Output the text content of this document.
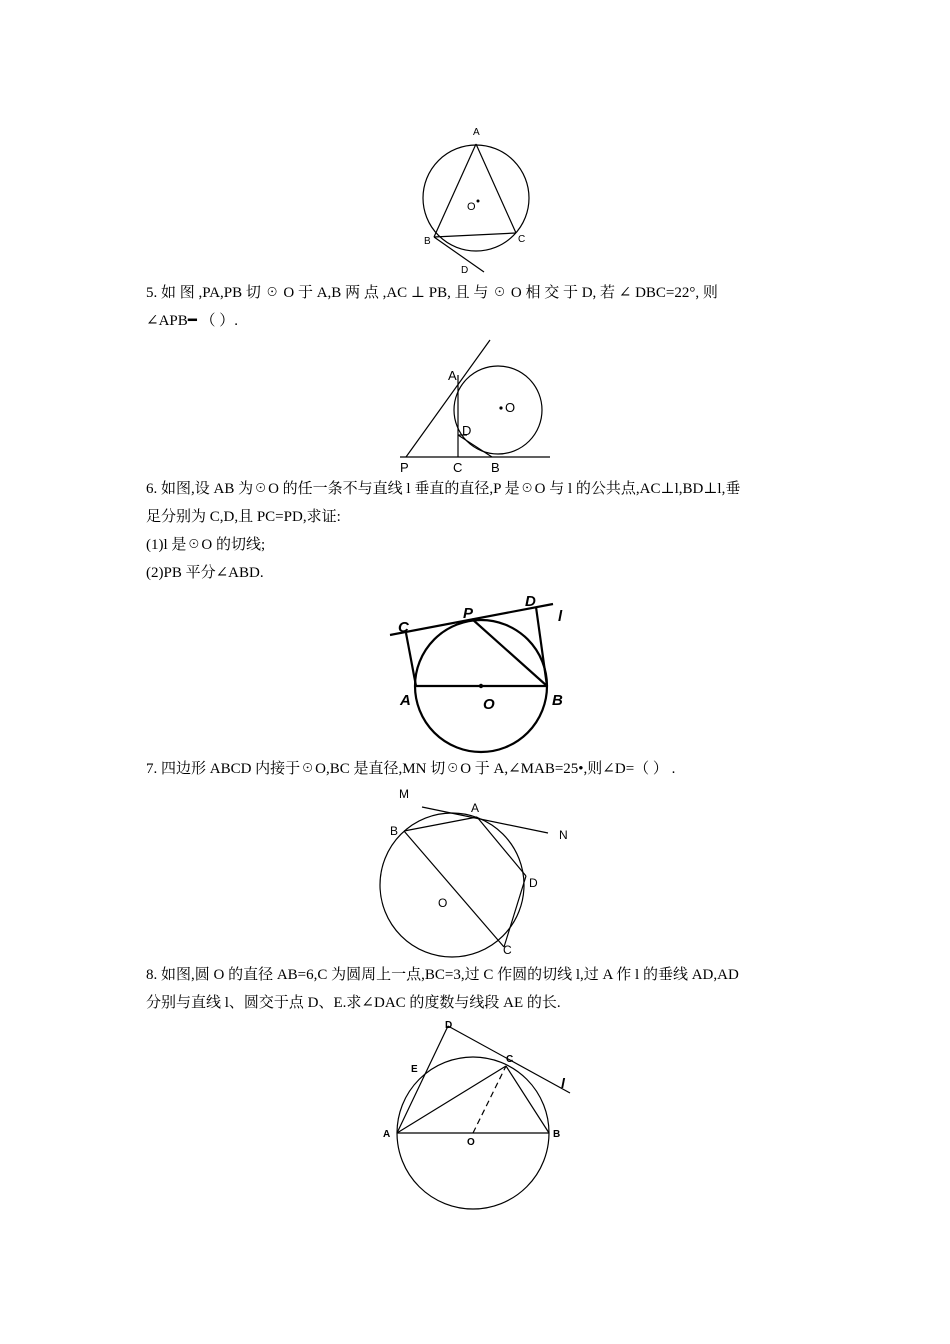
A
O
B	C
D
5. 如 图 ,PA,PB 切 ☉ O 于 A,B 两 点 ,AC ⊥ PB, 且 与 ☉ O 相 交 于 D, 若 ∠ DBC=22°, 则
∠APB━ （ ）.
A
O
D
P	C B
6. 如图,设 AB 为☉O 的任一条不与直线 l 垂直的直径,P 是☉O 与 l 的公共点,AC⊥l,BD⊥l,垂
足分别为 C,D,且 PC=PD,求证:
(1)l 是☉O 的切线;
(2)PB 平分∠ABD.
C
P
D
l
A	O	B
7. 四边形 ABCD 内接于☉O,BC 是直径,MN 切☉O 于 A,∠MAB=25•,则∠D=（ ） .
M
A
N
B
D
O
C
8. 如图,圆 O 的直径 AB=6,C 为圆周上一点,BC=3,过 C 作圆的切线 l,过 A 作 l 的垂线 AD,AD
分别与直线 l、圆交于点 D、E.求∠DAC 的度数与线段 AE 的长.
D
E
C
l
A
O
B
